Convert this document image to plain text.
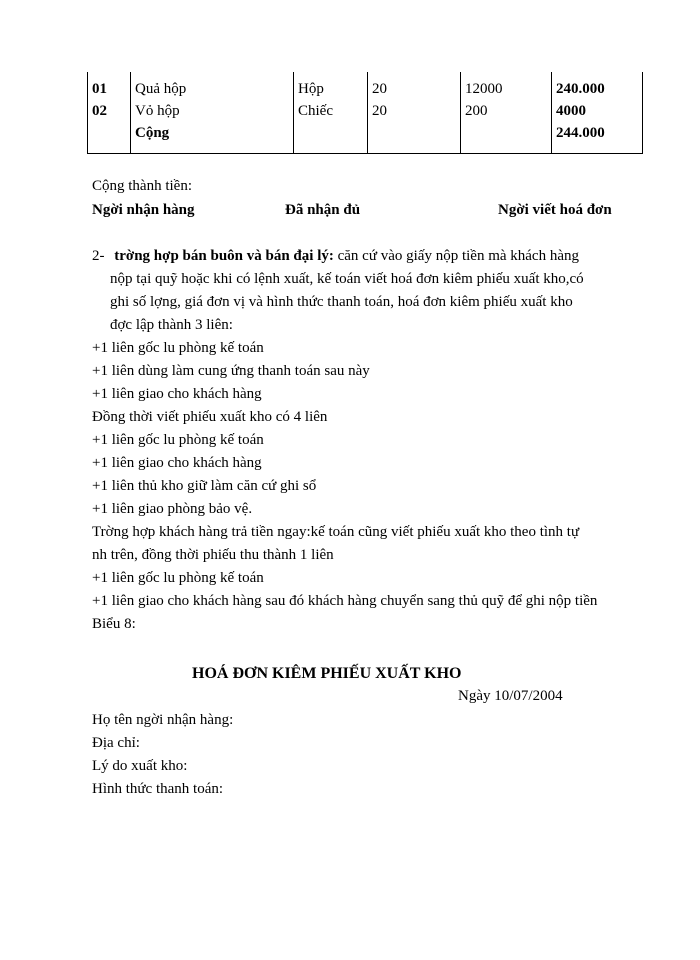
01
02
Quả hộp
Vỏ hộp
Cộng
Hộp
Chiếc
20
20
12000
200
240.000
4000
244.000
Cộng thành tiền:
Ngời nhận hàng	Đã nhận đủ	Ngời viết hoá đơn
2- trờng hợp bán buôn và bán đại lý: căn cứ vào giấy nộp tiền mà khách hàng
nộp tại quỹ hoặc khi có lệnh xuất, kế toán viết hoá đơn kiêm phiếu xuất kho,có
ghi số lợng, giá đơn vị và hình thức thanh toán, hoá đơn kiêm phiếu xuất kho
đợc lập thành 3 liên:
+1 liên gốc lu phòng kế toán
+1 liên dùng làm cung ứng thanh toán sau này
+1 liên giao cho khách hàng
Đồng thời viết phiếu xuất kho có 4 liên
+1 liên gốc lu phòng kế toán
+1 liên giao cho khách hàng
+1 liên thủ kho giữ làm căn cứ ghi sổ
+1 liên giao phòng bảo vệ.
Trờng hợp khách hàng trả tiền ngay:kế toán cũng viết phiếu xuất kho theo tình tự
nh trên, đồng thời phiếu thu thành 1 liên
+1 liên gốc lu phòng kế toán
+1 liên giao cho khách hàng sau đó khách hàng chuyển sang thủ quỹ để ghi nộp tiền
Biểu 8:
HOÁ ĐƠN KIÊM PHIẾU XUẤT KHO
Ngày 10/07/2004
Họ tên ngời nhận hàng:
Địa chỉ:
Lý do xuất kho:
Hình thức thanh toán:
